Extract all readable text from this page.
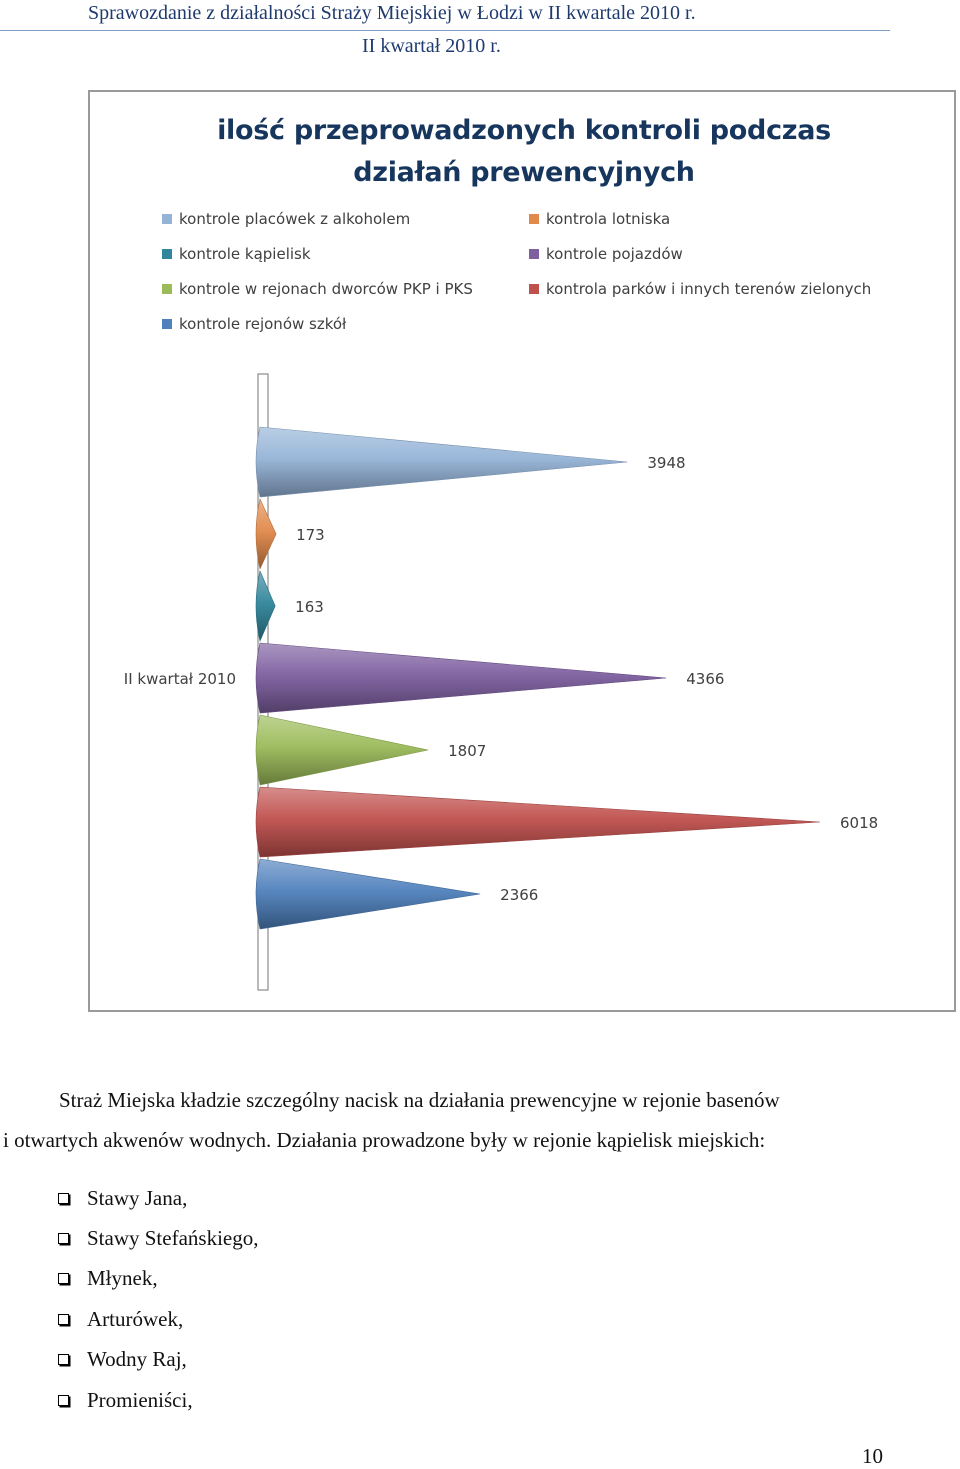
Sprawozdanie z działalności Straży Miejskiej w Łodzi w II kwartale 2010 r.
II kwartał 2010 r.
3948
173
163
4366
1807
6018
2366
II kwartał 2010
ilość przeprowadzonych kontroli podczas
działań prewencyjnych
kontrole placówek z alkoholem	kontrola lotniska
kontrole kąpielisk	kontrole pojazdów
kontrole w rejonach dworców PKP i PKS	kontrola parków i innych terenów zielonych
kontrole rejonów szkół

Straż Miejska kładzie szczególny nacisk na działania prewencyjne w rejonie basenów

i otwartych akwenów wodnych. Działania prowadzone były w rejonie kąpielisk miejskich:

Stawy Jana,
Stawy Stefańskiego,
Młynek,
Arturówek,
Wodny Raj,
Promieniści,
10
